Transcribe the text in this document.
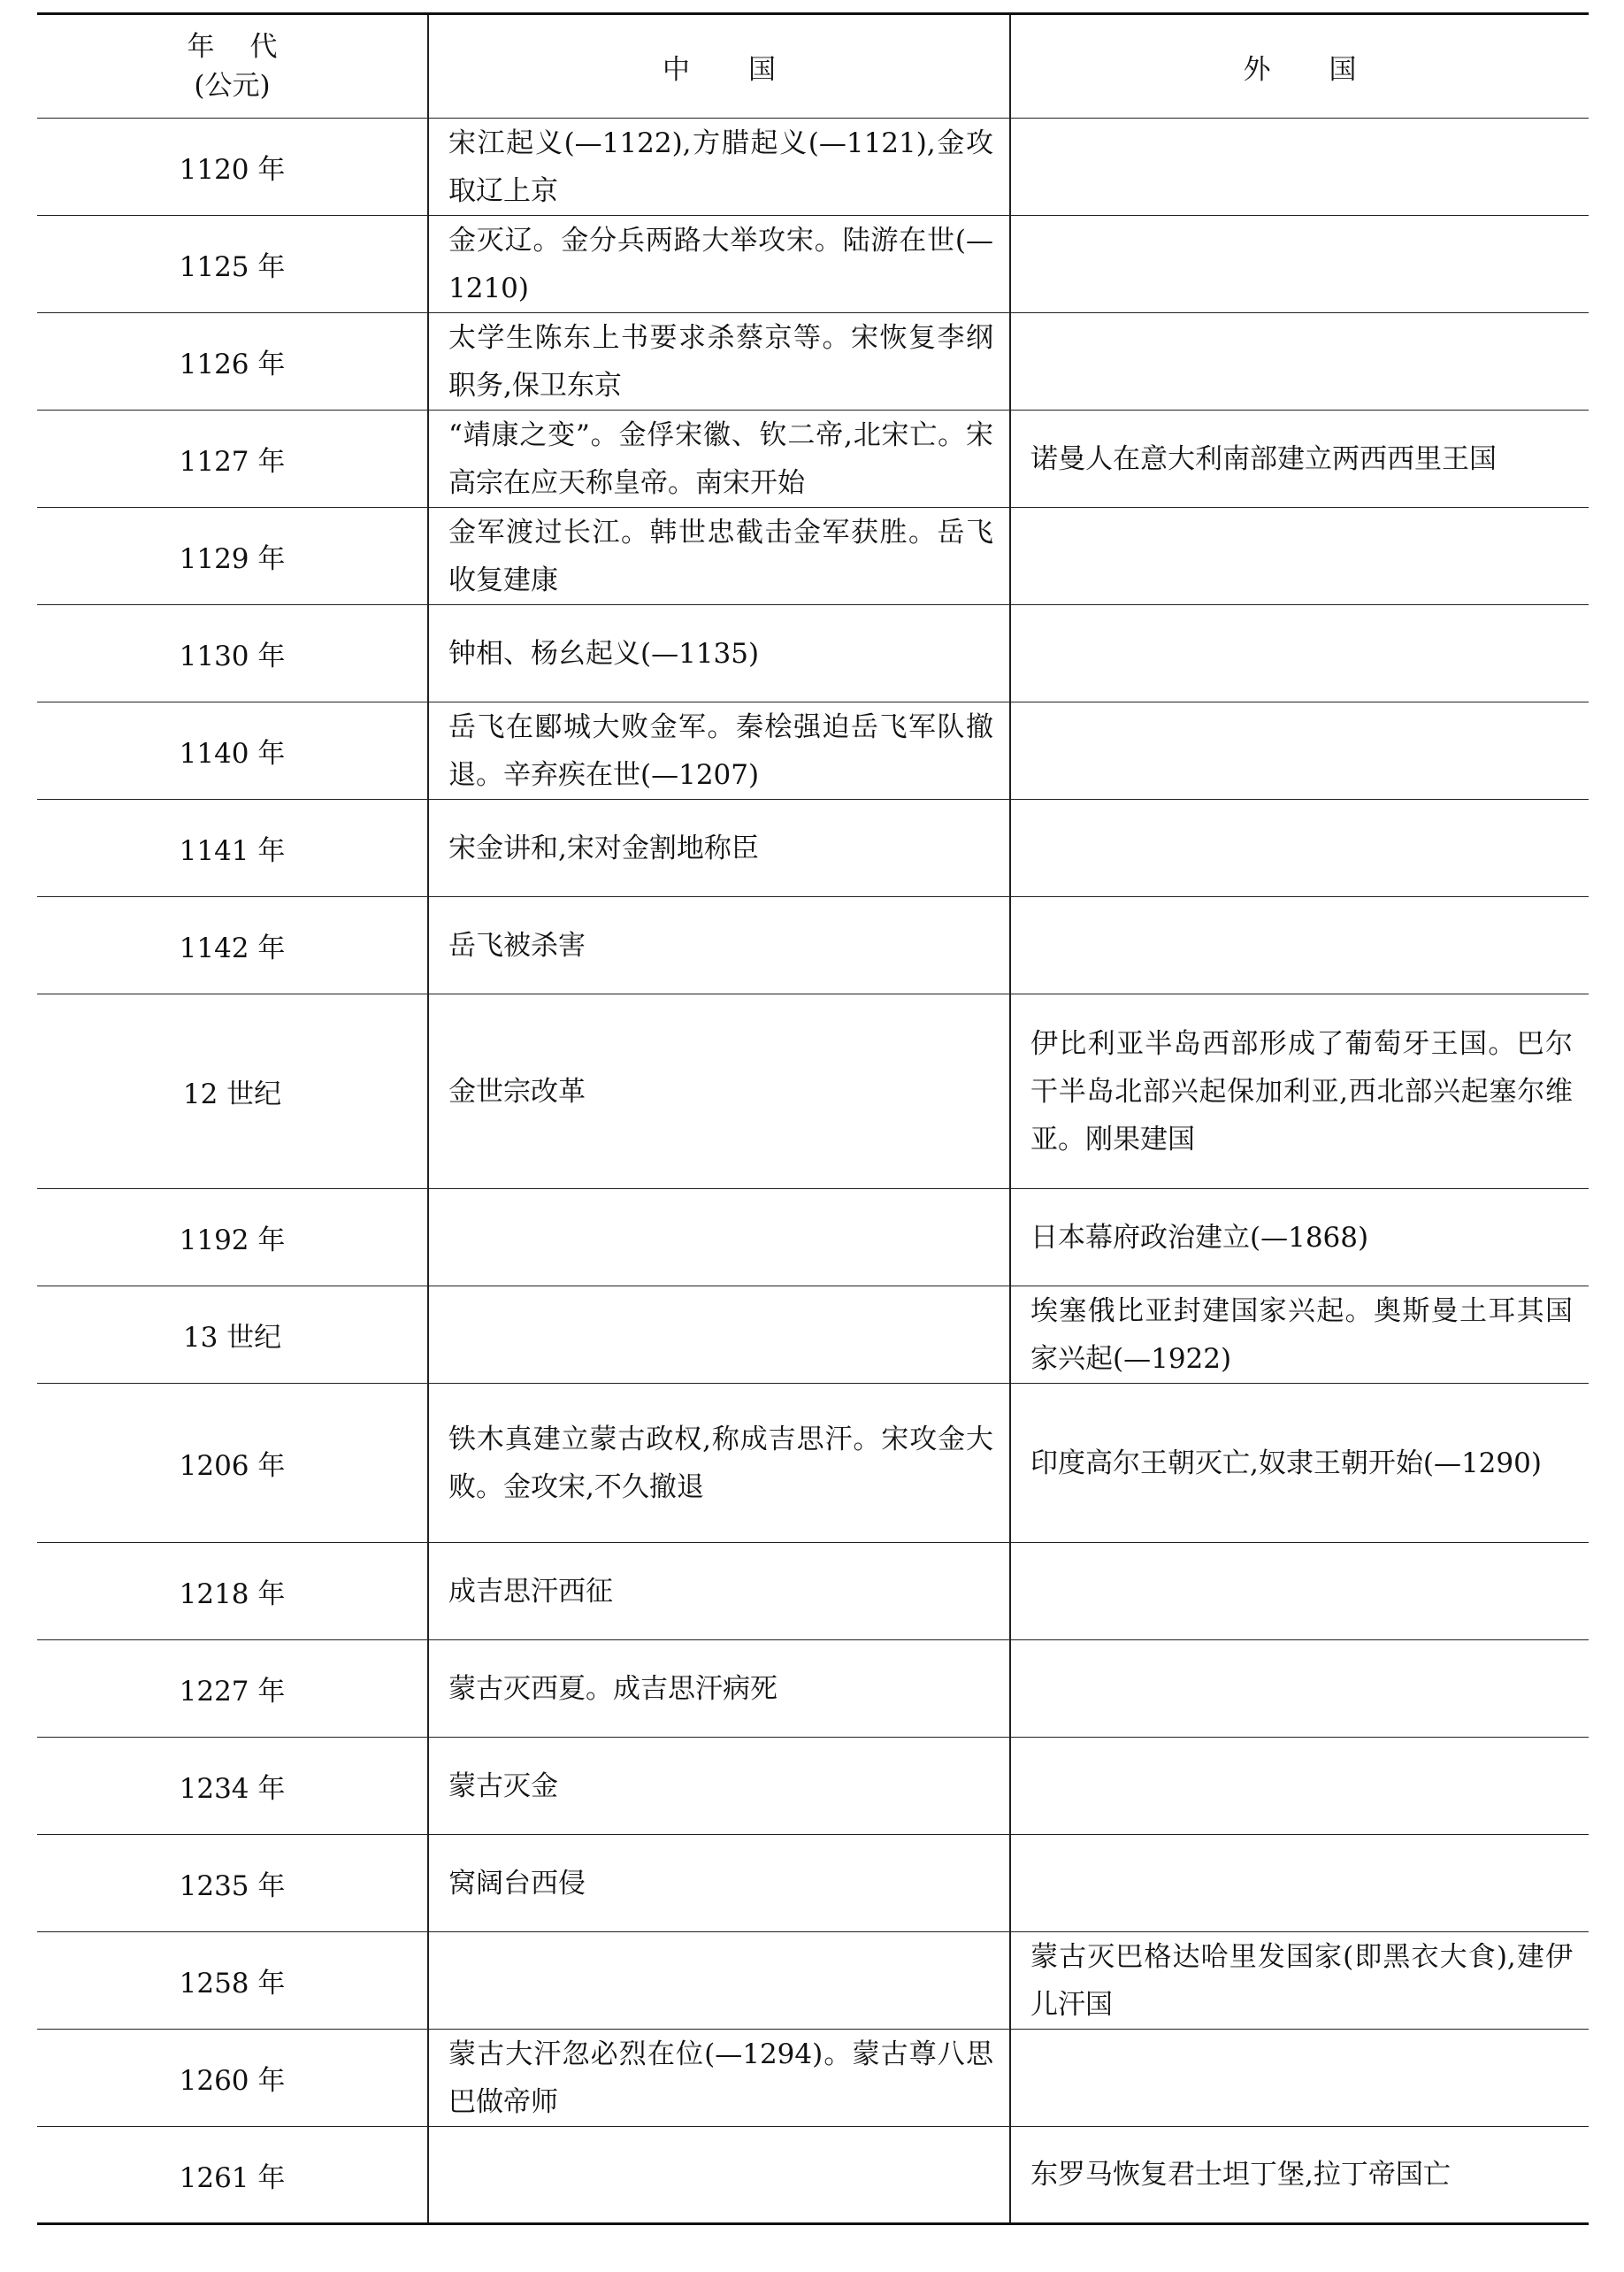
年代
(公元)	中国	外国
1120 年	宋江起义(—1122),方腊起义(—1121),金攻取辽上京	
1125 年	金灭辽。金分兵两路大举攻宋。陆游在世(—1210)	
1126 年	太学生陈东上书要求杀蔡京等。宋恢复李纲职务,保卫东京	
1127 年	“靖康之变”。金俘宋徽、钦二帝,北宋亡。宋高宗在应天称皇帝。南宋开始	诺曼人在意大利南部建立两西西里王国
1129 年	金军渡过长江。韩世忠截击金军获胜。岳飞收复建康	
1130 年	钟相、杨幺起义(—1135)	
1140 年	岳飞在郾城大败金军。秦桧强迫岳飞军队撤退。辛弃疾在世(—1207)	
1141 年	宋金讲和,宋对金割地称臣	
1142 年	岳飞被杀害	
12 世纪	金世宗改革	伊比利亚半岛西部形成了葡萄牙王国。巴尔干半岛北部兴起保加利亚,西北部兴起塞尔维亚。刚果建国
1192 年		日本幕府政治建立(—1868)
13 世纪		埃塞俄比亚封建国家兴起。奥斯曼土耳其国家兴起(—1922)
1206 年	铁木真建立蒙古政权,称成吉思汗。宋攻金大败。金攻宋,不久撤退	印度高尔王朝灭亡,奴隶王朝开始(—1290)
1218 年	成吉思汗西征	
1227 年	蒙古灭西夏。成吉思汗病死	
1234 年	蒙古灭金	
1235 年	窝阔台西侵	
1258 年		蒙古灭巴格达哈里发国家(即黑衣大食),建伊儿汗国
1260 年	蒙古大汗忽必烈在位(—1294)。蒙古尊八思巴做帝师	
1261 年		东罗马恢复君士坦丁堡,拉丁帝国亡
